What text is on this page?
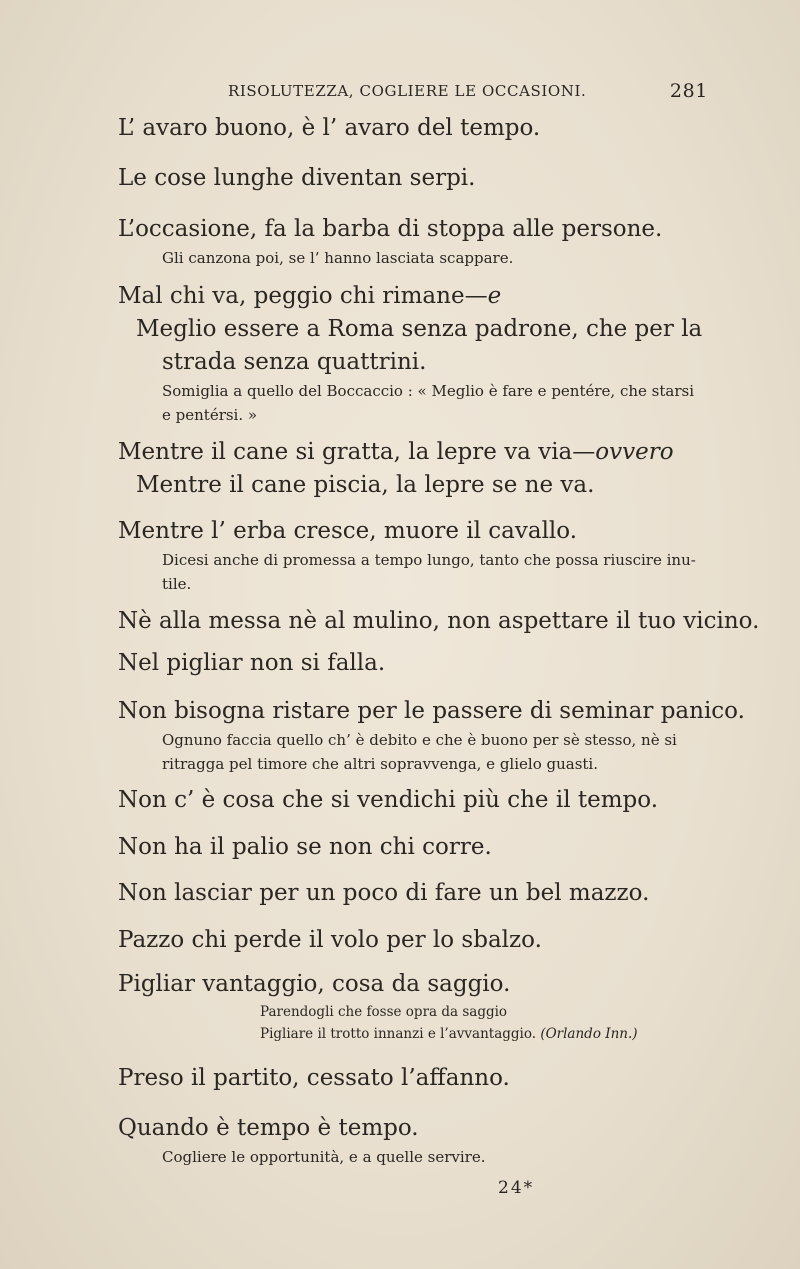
RISOLUTEZZA, COGLIERE LE OCCASIONI.	281
L’ avaro buono, è l’ avaro del tempo.
Le cose lunghe diventan serpi.
L’occasione, fa la barba di stoppa alle persone.
Gli canzona poi, se l’ hanno lasciata scappare.
Mal chi va, peggio chi rimane—e
Meglio essere a Roma senza padrone, che per la
strada senza quattrini.
Somiglia a quello del Boccaccio : « Meglio è fare e pentére, che starsi
e pentérsi. »
Mentre il cane si gratta, la lepre va via—ovvero
Mentre il cane piscia, la lepre se ne va.
Mentre l’ erba cresce, muore il cavallo.
Dicesi anche di promessa a tempo lungo, tanto che possa riuscire inu-
tile.
Nè alla messa nè al mulino, non aspettare il tuo vicino.
Nel pigliar non si falla.
Non bisogna ristare per le passere di seminar panico.
Ognuno faccia quello ch’ è debito e che è buono per sè stesso, nè si
ritragga pel timore che altri sopravvenga, e glielo guasti.
Non c’ è cosa che si vendichi più che il tempo.
Non ha il palio se non chi corre.
Non lasciar per un poco di fare un bel mazzo.
Pazzo chi perde il volo per lo sbalzo.
Pigliar vantaggio, cosa da saggio.
Parendogli che fosse opra da saggio
Pigliare il trotto innanzi e l’avvantaggio. (Orlando Inn.)
Preso il partito, cessato l’affanno.
Quando è tempo è tempo.
Cogliere le opportunità, e a quelle servire.
24*
